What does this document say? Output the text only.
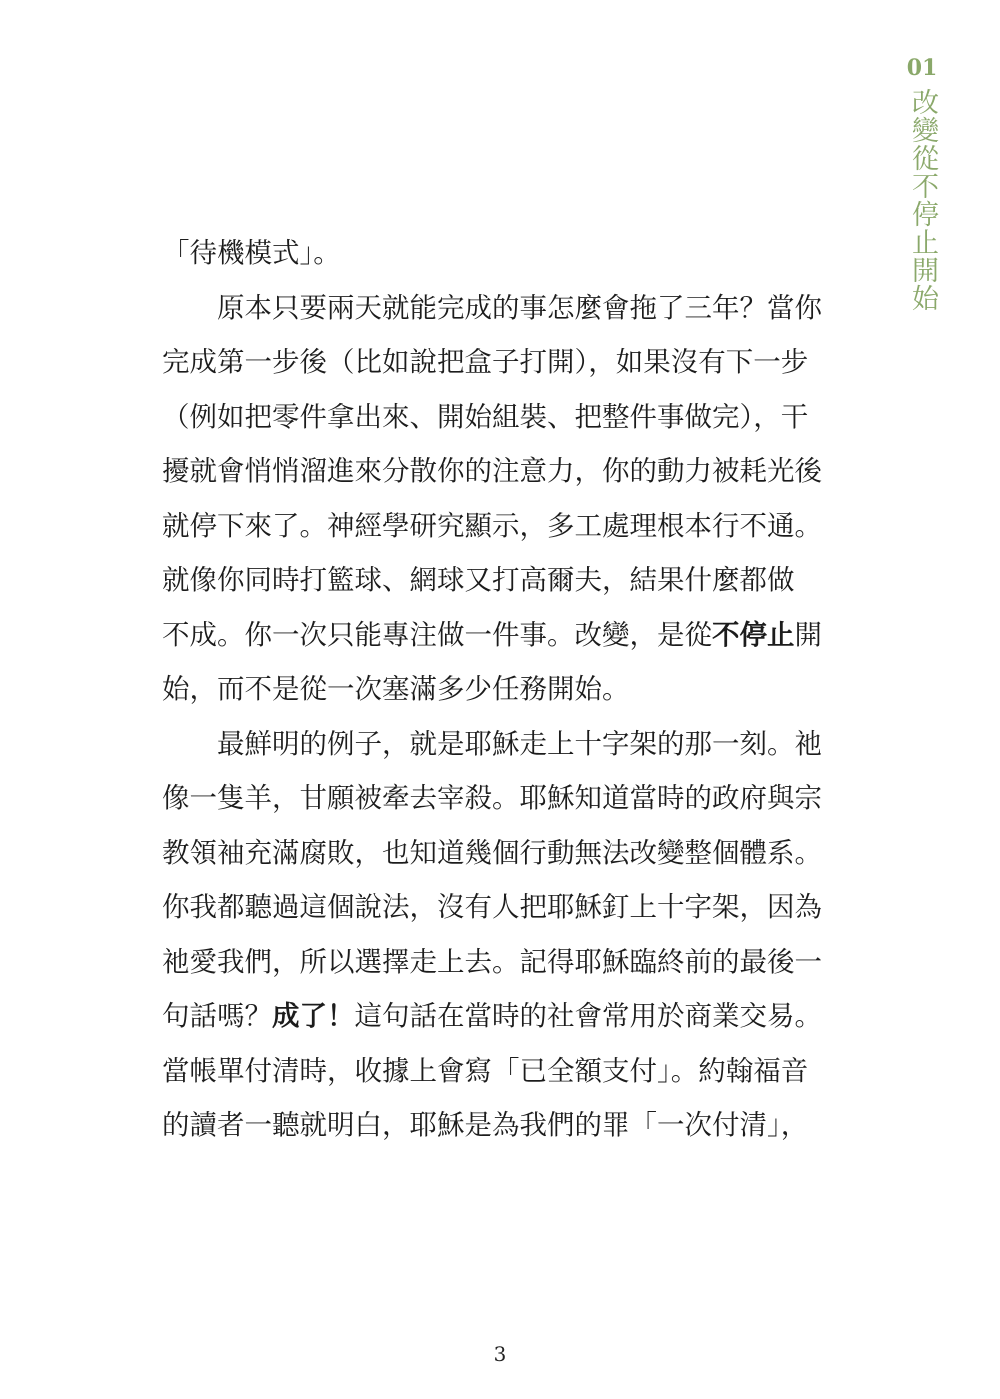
01
改變從不停止開始
「待機模式」。
原本只要兩天就能完成的事怎麼會拖了三年？當你
完成第一步後（比如說把盒子打開），如果沒有下一步
（例如把零件拿出來、開始組裝、把整件事做完），干
擾就會悄悄溜進來分散你的注意力，你的動力被耗光後
就停下來了。神經學研究顯示，多工處理根本行不通。
就像你同時打籃球、網球又打高爾夫，結果什麼都做
不成。你一次只能專注做一件事。改變，是從不停止開
始，而不是從一次塞滿多少任務開始。
最鮮明的例子，就是耶穌走上十字架的那一刻。祂
像一隻羊，甘願被牽去宰殺。耶穌知道當時的政府與宗
教領袖充滿腐敗，也知道幾個行動無法改變整個體系。
你我都聽過這個說法，沒有人把耶穌釘上十字架，因為
祂愛我們，所以選擇走上去。記得耶穌臨終前的最後一
句話嗎？成了！這句話在當時的社會常用於商業交易。
當帳單付清時，收據上會寫「已全額支付」。約翰福音
的讀者一聽就明白，耶穌是為我們的罪「一次付清」，
3
